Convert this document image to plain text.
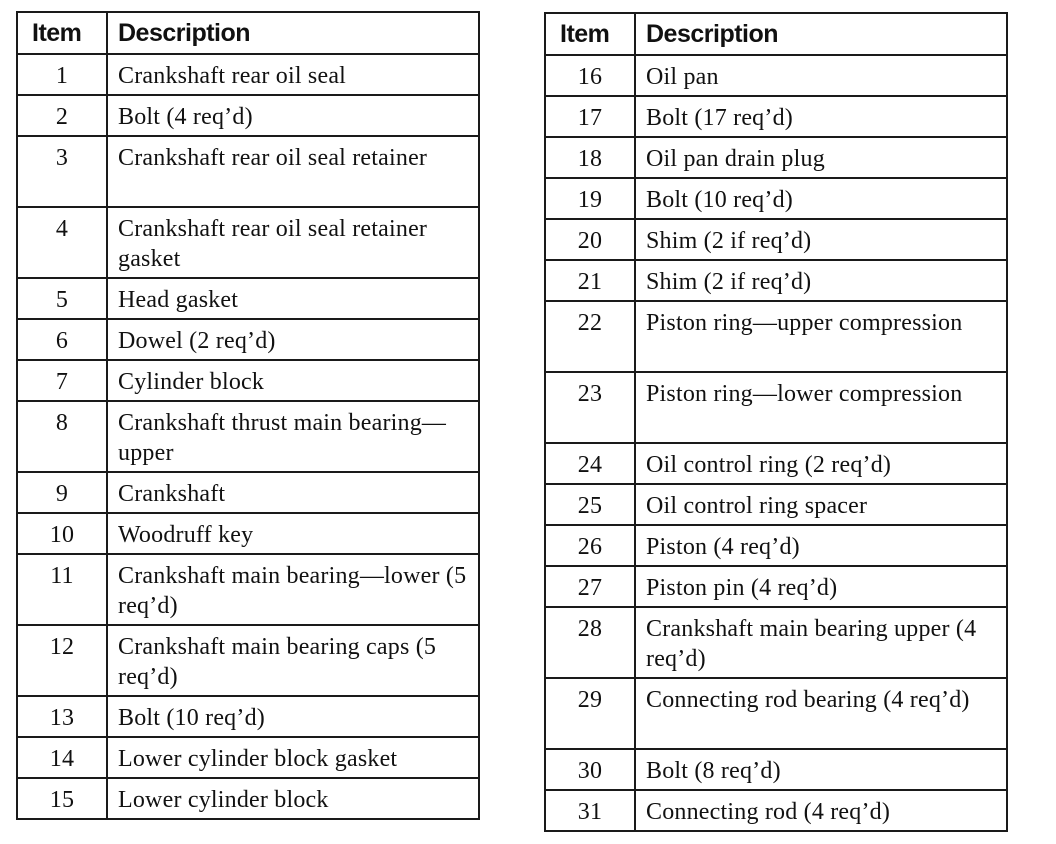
Item	Description
1	Crankshaft rear oil seal
2	Bolt (4 req’d)
3	Crankshaft rear oil seal retainer
4	Crankshaft rear oil seal retainer gasket
5	Head gasket
6	Dowel (2 req’d)
7	Cylinder block
8	Crankshaft thrust main bearing—upper
9	Crankshaft
10	Woodruff key
11	Crankshaft main bearing—lower (5 req’d)
12	Crankshaft main bearing caps (5 req’d)
13	Bolt (10 req’d)
14	Lower cylinder block gasket
15	Lower cylinder block
Item	Description
16	Oil pan
17	Bolt (17 req’d)
18	Oil pan drain plug
19	Bolt (10 req’d)
20	Shim (2 if req’d)
21	Shim (2 if req’d)
22	Piston ring—upper compression
23	Piston ring—lower compression
24	Oil control ring (2 req’d)
25	Oil control ring spacer
26	Piston (4 req’d)
27	Piston pin (4 req’d)
28	Crankshaft main bearing upper (4 req’d)
29	Connecting rod bearing (4 req’d)
30	Bolt (8 req’d)
31	Connecting rod (4 req’d)
